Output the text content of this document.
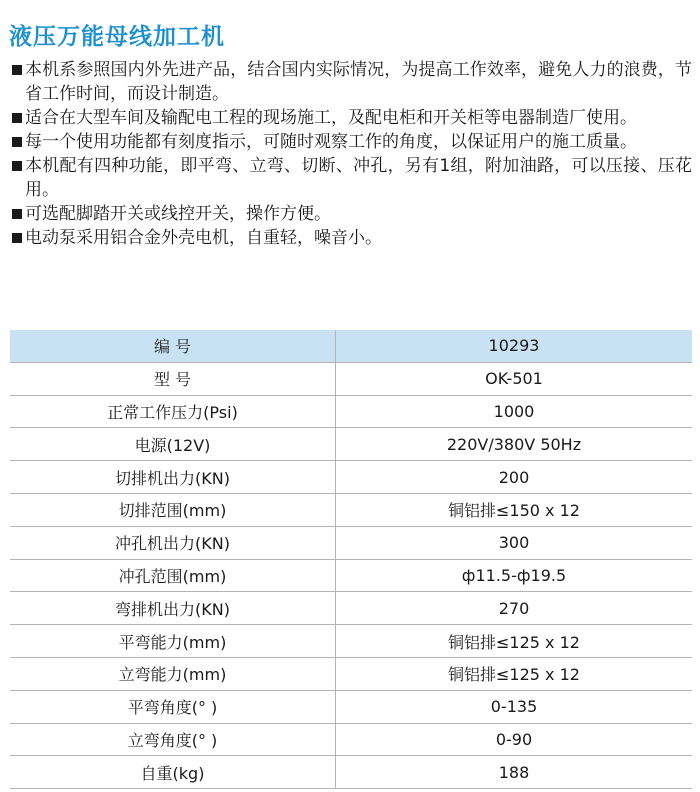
液压万能母线加工机
本机系参照国内外先进产品，结合国内实际情况，为提高工作效率，避免人力的浪费，节省工作时间，而设计制造。
适合在大型车间及输配电工程的现场施工，及配电柜和开关柜等电器制造厂使用。
每一个使用功能都有刻度指示，可随时观察工作的角度，以保证用户的施工质量。
本机配有四种功能，即平弯、立弯、切断、冲孔，另有1组，附加油路，可以压接、压花用。
可选配脚踏开关或线控开关，操作方便。
电动泵采用铝合金外壳电机，自重轻，噪音小。
编 号	10293
型 号	OK-501
正常工作压力(Psi)	1000
电源(12V)	220V/380V 50Hz
切排机出力(KN)	200
切排范围(mm)	铜铝排≤150 x 12
冲孔机出力(KN)	300
冲孔范围(mm)	ф11.5-ф19.5
弯排机出力(KN)	270
平弯能力(mm)	铜铝排≤125 x 12
立弯能力(mm)	铜铝排≤125 x 12
平弯角度(° )	0-135
立弯角度(° )	0-90
自重(kg)	188
